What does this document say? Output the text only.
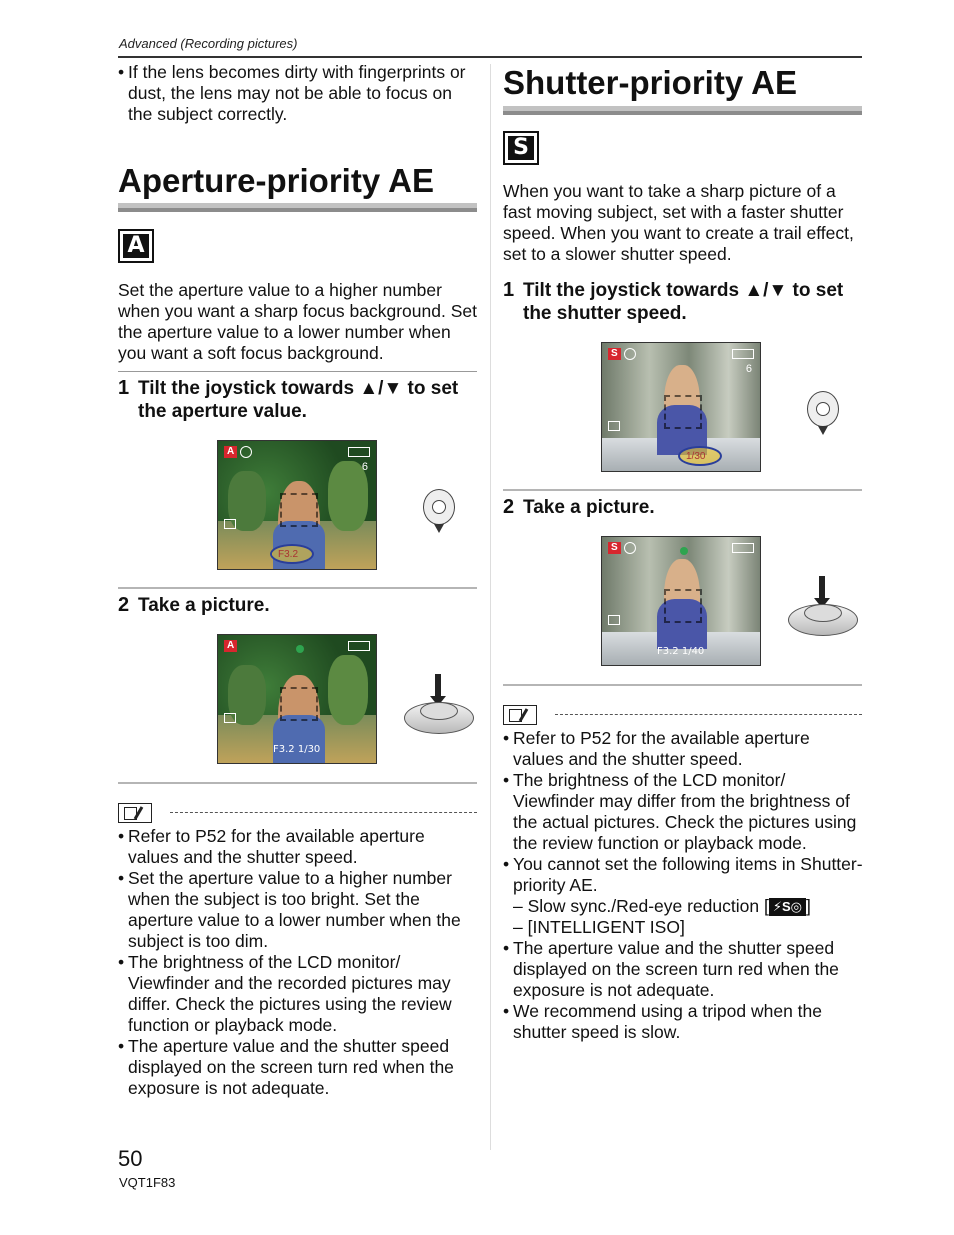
Advanced (Recording pictures)
• If the lens becomes dirty with fingerprints or dust, the lens may not be able to focus on the subject correctly.
Aperture-priority AE
A
Set the aperture value to a higher number when you want a sharp focus background. Set the aperture value to a lower number when you want a soft focus background.
1 Tilt the joystick towards ▲/▼ to set the aperture value.
A
6
F3.2
2 Take a picture.
A
F3.2 1/30
• Refer to P52 for the available aperture values and the shutter speed.
• Set the aperture value to a higher number when the subject is too bright. Set the aperture value to a lower number when the subject is too dim.
• The brightness of the LCD monitor/ Viewfinder and the recorded pictures may differ. Check the pictures using the review function or playback mode.
• The aperture value and the shutter speed displayed on the screen turn red when the exposure is not adequate.
Shutter-priority AE
S
When you want to take a sharp picture of a fast moving subject, set with a faster shutter speed. When you want to create a trail effect, set to a slower shutter speed.
1 Tilt the joystick towards ▲/▼ to set the shutter speed.
S
6
1/30
2 Take a picture.
S
F3.2 1/40
• Refer to P52 for the available aperture values and the shutter speed.
• The brightness of the LCD monitor/ Viewfinder may differ from the brightness of the actual pictures. Check the pictures using the review function or playback mode.
• You cannot set the following items in Shutter-priority AE.
– Slow sync./Red-eye reduction [ ⚡S◎ ]
– [INTELLIGENT ISO]
• The aperture value and the shutter speed displayed on the screen turn red when the exposure is not adequate.
• We recommend using a tripod when the shutter speed is slow.
50
VQT1F83
